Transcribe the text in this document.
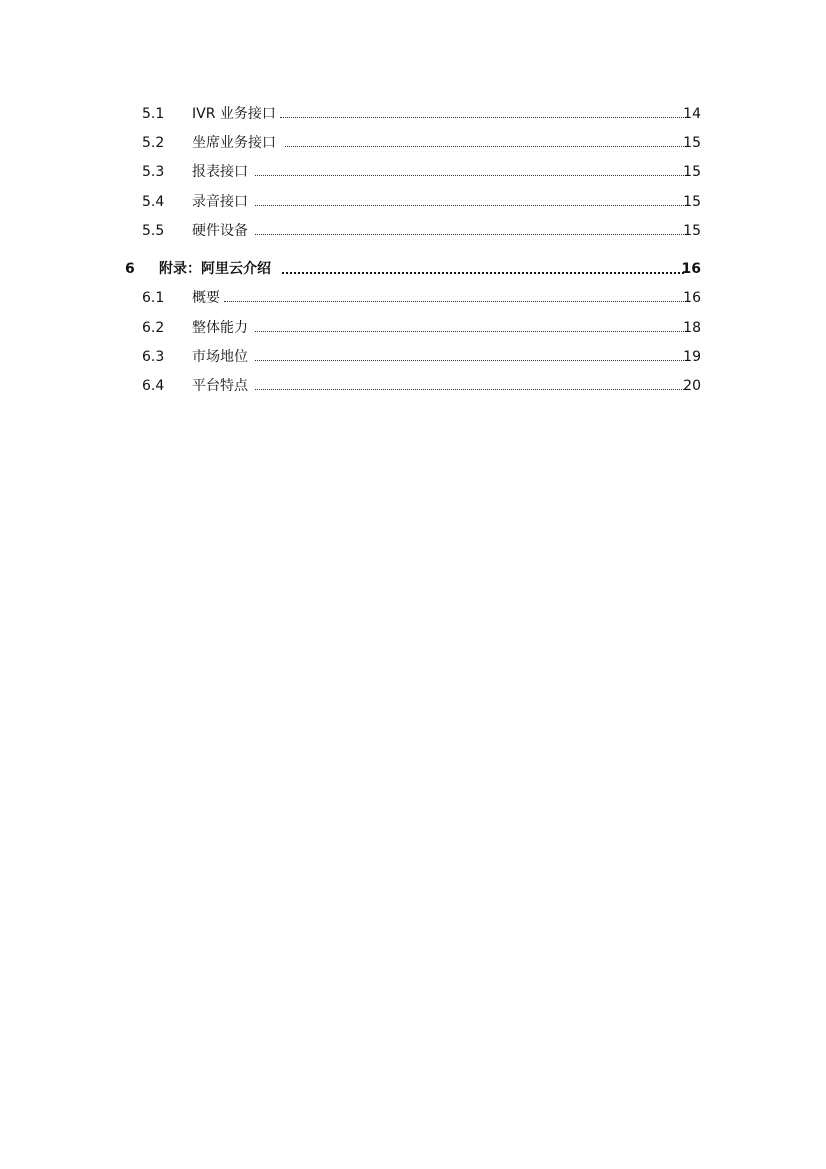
5.1 IVR 业务接口	14
5.2 坐席业务接口	15
5.3 报表接口	15
5.4 录音接口	15
5.5 硬件设备	15
6 附录：阿里云介绍	16
6.1 概要	16
6.2 整体能力	18
6.3 市场地位	19
6.4 平台特点	20
